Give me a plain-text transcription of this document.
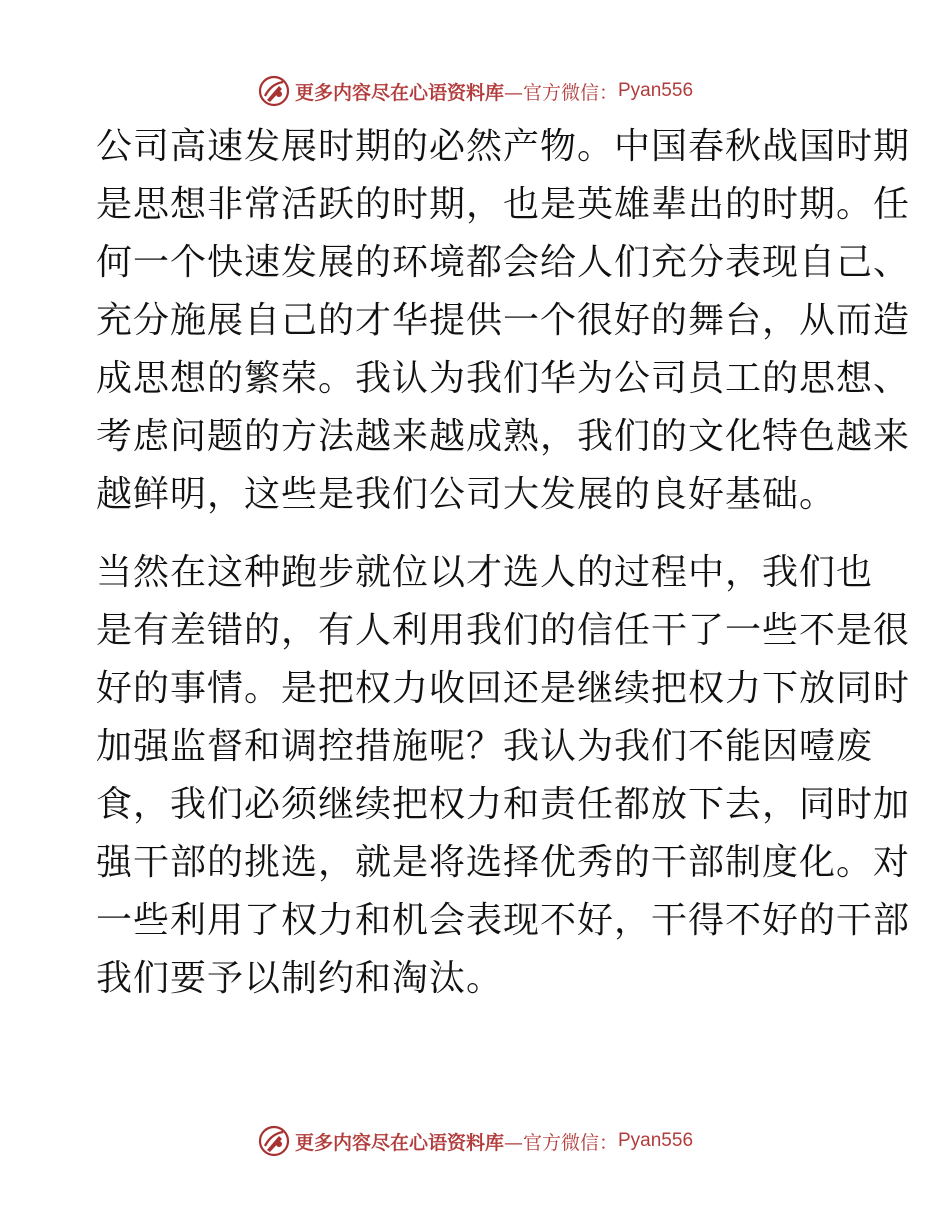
更多内容尽在心语资料库 —官方微信： Pyan556
公司高速发展时期的必然产物。中国春秋战国时期
是思想非常活跃的时期，也是英雄辈出的时期。任
何一个快速发展的环境都会给人们充分表现自己、
充分施展自己的才华提供一个很好的舞台，从而造
成思想的繁荣。我认为我们华为公司员工的思想、
考虑问题的方法越来越成熟，我们的文化特色越来
越鲜明，这些是我们公司大发展的良好基础。
当然在这种跑步就位以才选人的过程中，我们也
是有差错的，有人利用我们的信任干了一些不是很
好的事情。是把权力收回还是继续把权力下放同时
加强监督和调控措施呢？我认为我们不能因噎废
食，我们必须继续把权力和责任都放下去，同时加
强干部的挑选，就是将选择优秀的干部制度化。对
一些利用了权力和机会表现不好，干得不好的干部
我们要予以制约和淘汰。
更多内容尽在心语资料库 —官方微信： Pyan556
